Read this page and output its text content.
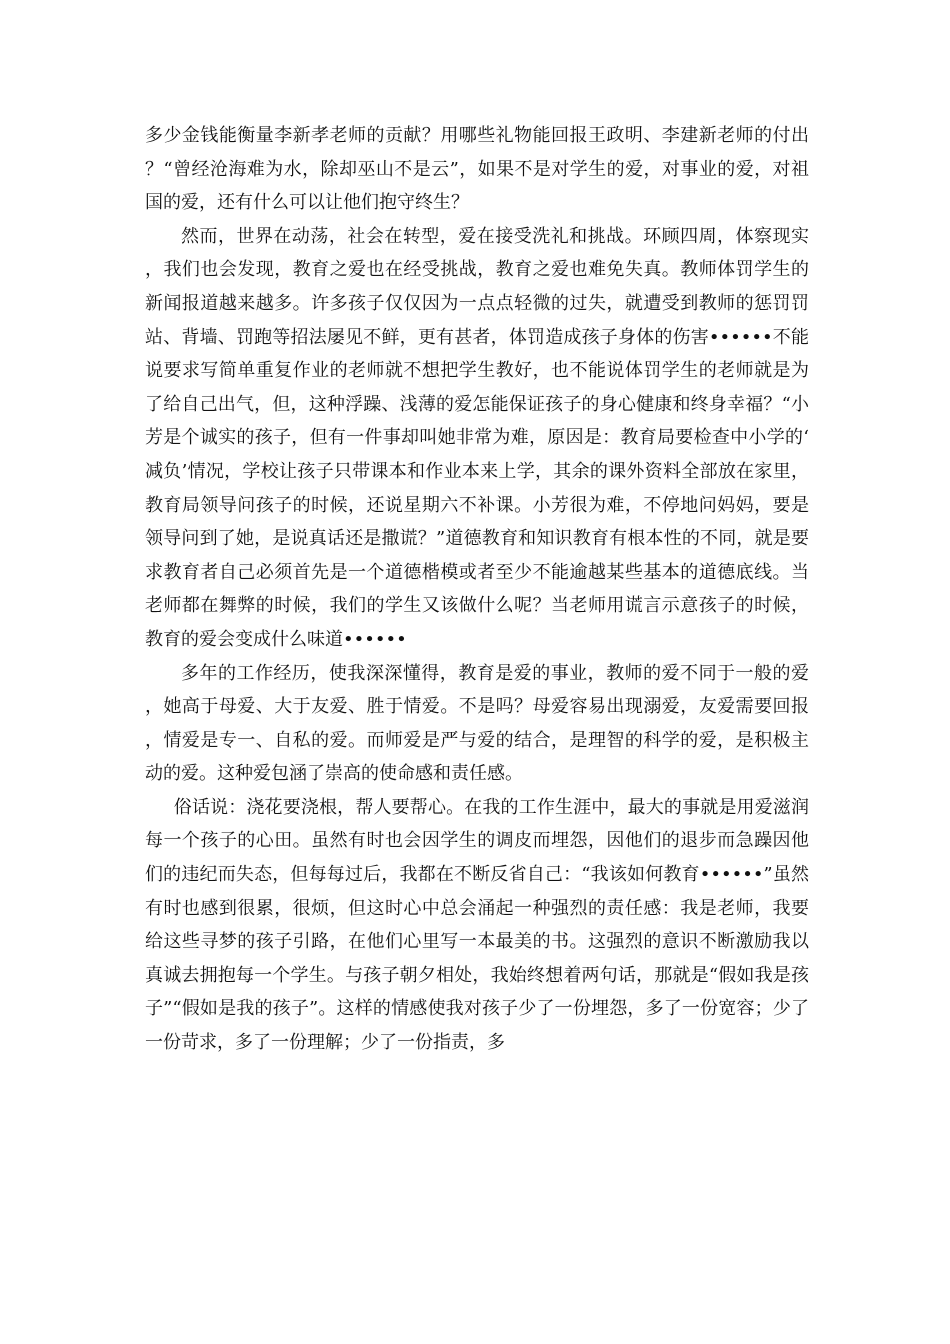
多少金钱能衡量李新孝老师的贡献？用哪些礼物能回报王政明、李建新老师的付出？“曾经沧海难为水，除却巫山不是云”，如果不是对学生的爱，对事业的爱，对祖国的爱，还有什么可以让他们抱守终生？

然而，世界在动荡，社会在转型，爱在接受洗礼和挑战。环顾四周，体察现实，我们也会发现，教育之爱也在经受挑战，教育之爱也难免失真。教师体罚学生的新闻报道越来越多。许多孩子仅仅因为一点点轻微的过失，就遭受到教师的惩罚罚站、背墙、罚跑等招法屡见不鲜，更有甚者，体罚造成孩子身体的伤害••••••不能说要求写简单重复作业的老师就不想把学生教好，也不能说体罚学生的老师就是为了给自己出气，但，这种浮躁、浅薄的爱怎能保证孩子的身心健康和终身幸福？“小芳是个诚实的孩子，但有一件事却叫她非常为难，原因是：教育局要检查中小学的‘减负’情况，学校让孩子只带课本和作业本来上学，其余的课外资料全部放在家里，教育局领导问孩子的时候，还说星期六不补课。小芳很为难，不停地问妈妈，要是领导问到了她，是说真话还是撒谎？”道德教育和知识教育有根本性的不同，就是要求教育者自己必须首先是一个道德楷模或者至少不能逾越某些基本的道德底线。当老师都在舞弊的时候，我们的学生又该做什么呢？当老师用谎言示意孩子的时候，教育的爱会变成什么味道••••••

多年的工作经历，使我深深懂得，教育是爱的事业，教师的爱不同于一般的爱，她高于母爱、大于友爱、胜于情爱。不是吗？母爱容易出现溺爱，友爱需要回报，情爱是专一、自私的爱。而师爱是严与爱的结合，是理智的科学的爱，是积极主动的爱。这种爱包涵了崇高的使命感和责任感。

俗话说：浇花要浇根，帮人要帮心。在我的工作生涯中，最大的事就是用爱滋润每一个孩子的心田。虽然有时也会因学生的调皮而埋怨，因他们的退步而急躁因他们的违纪而失态，但每每过后，我都在不断反省自己：“我该如何教育••••••”虽然有时也感到很累，很烦，但这时心中总会涌起一种强烈的责任感：我是老师，我要给这些寻梦的孩子引路，在他们心里写一本最美的书。这强烈的意识不断激励我以真诚去拥抱每一个学生。与孩子朝夕相处，我始终想着两句话，那就是“假如我是孩子”“假如是我的孩子”。这样的情感使我对孩子少了一份埋怨，多了一份宽容；少了一份苛求，多了一份理解；少了一份指责，多
